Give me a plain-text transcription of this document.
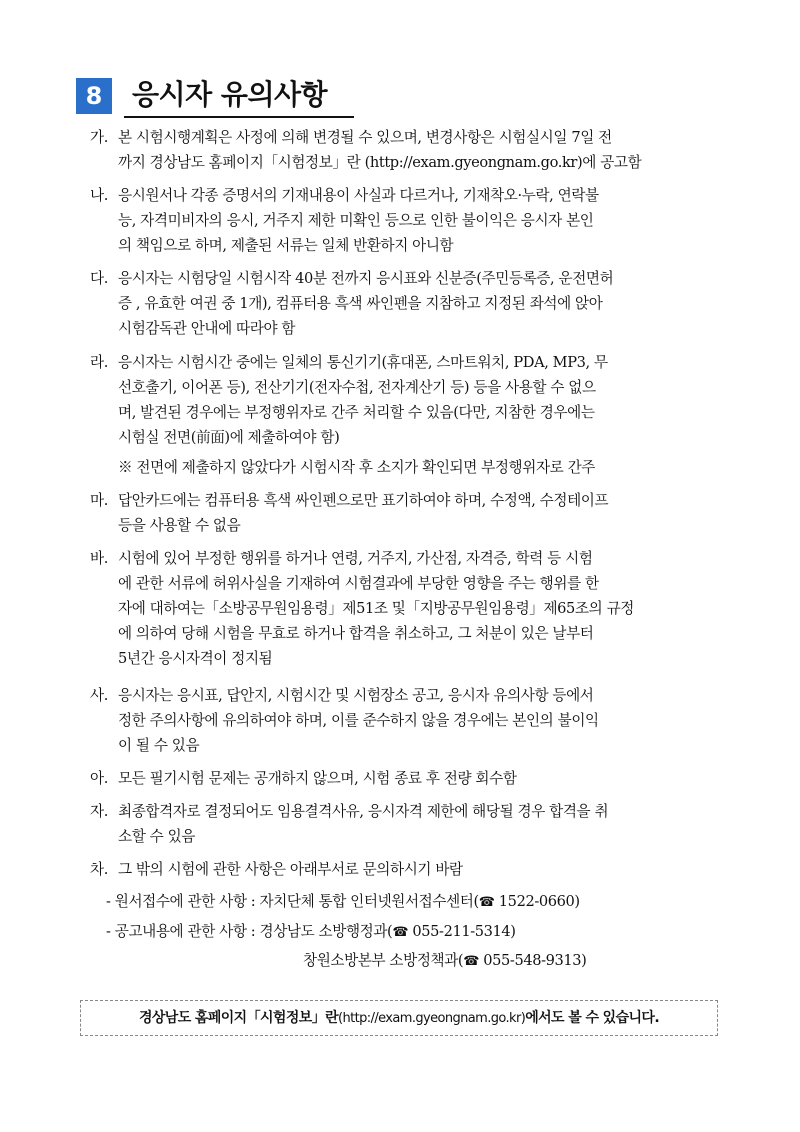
8	응시자 유의사항
가. 본 시험시행계획은 사정에 의해 변경될 수 있으며, 변경사항은 시험실시일 7일 전
까지 경상남도 홈페이지「시험정보」란 (http://exam.gyeongnam.go.kr)에 공고함
나. 응시원서나 각종 증명서의 기재내용이 사실과 다르거나, 기재착오·누락, 연락불
능, 자격미비자의 응시, 거주지 제한 미확인 등으로 인한 불이익은 응시자 본인
의 책임으로 하며, 제출된 서류는 일체 반환하지 아니함
다. 응시자는 시험당일 시험시작 40분 전까지 응시표와 신분증(주민등록증, 운전면허
증 , 유효한 여권 중 1개), 컴퓨터용 흑색 싸인펜을 지참하고 지정된 좌석에 앉아
시험감독관 안내에 따라야 함
라. 응시자는 시험시간 중에는 일체의 통신기기(휴대폰, 스마트워치, PDA, MP3, 무
선호출기, 이어폰 등), 전산기기(전자수첩, 전자계산기 등) 등을 사용할 수 없으
며, 발견된 경우에는 부정행위자로 간주 처리할 수 있음(다만, 지참한 경우에는
시험실 전면(前面)에 제출하여야 함)
※ 전면에 제출하지 않았다가 시험시작 후 소지가 확인되면 부정행위자로 간주
마. 답안카드에는 컴퓨터용 흑색 싸인펜으로만 표기하여야 하며, 수정액, 수정테이프
등을 사용할 수 없음
바. 시험에 있어 부정한 행위를 하거나 연령, 거주지, 가산점, 자격증, 학력 등 시험
에 관한 서류에 허위사실을 기재하여 시험결과에 부당한 영향을 주는 행위를 한
자에 대하여는「소방공무원임용령」제51조 및「지방공무원임용령」제65조의 규정
에 의하여 당해 시험을 무효로 하거나 합격을 취소하고, 그 처분이 있은 날부터
5년간 응시자격이 정지됨
사. 응시자는 응시표, 답안지, 시험시간 및 시험장소 공고, 응시자 유의사항 등에서
정한 주의사항에 유의하여야 하며, 이를 준수하지 않을 경우에는 본인의 불이익
이 될 수 있음
아. 모든 필기시험 문제는 공개하지 않으며, 시험 종료 후 전량 회수함
자. 최종합격자로 결정되어도 임용결격사유, 응시자격 제한에 해당될 경우 합격을 취
소할 수 있음
차. 그 밖의 시험에 관한 사항은 아래부서로 문의하시기 바람
- 원서접수에 관한 사항 : 자치단체 통합 인터넷원서접수센터(☎ 1522-0660)
- 공고내용에 관한 사항 : 경상남도 소방행정과(☎ 055-211-5314)
창원소방본부 소방정책과(☎ 055-548-9313)
경상남도 홈페이지「시험정보」란(http://exam.gyeongnam.go.kr)에서도 볼 수 있습니다.
